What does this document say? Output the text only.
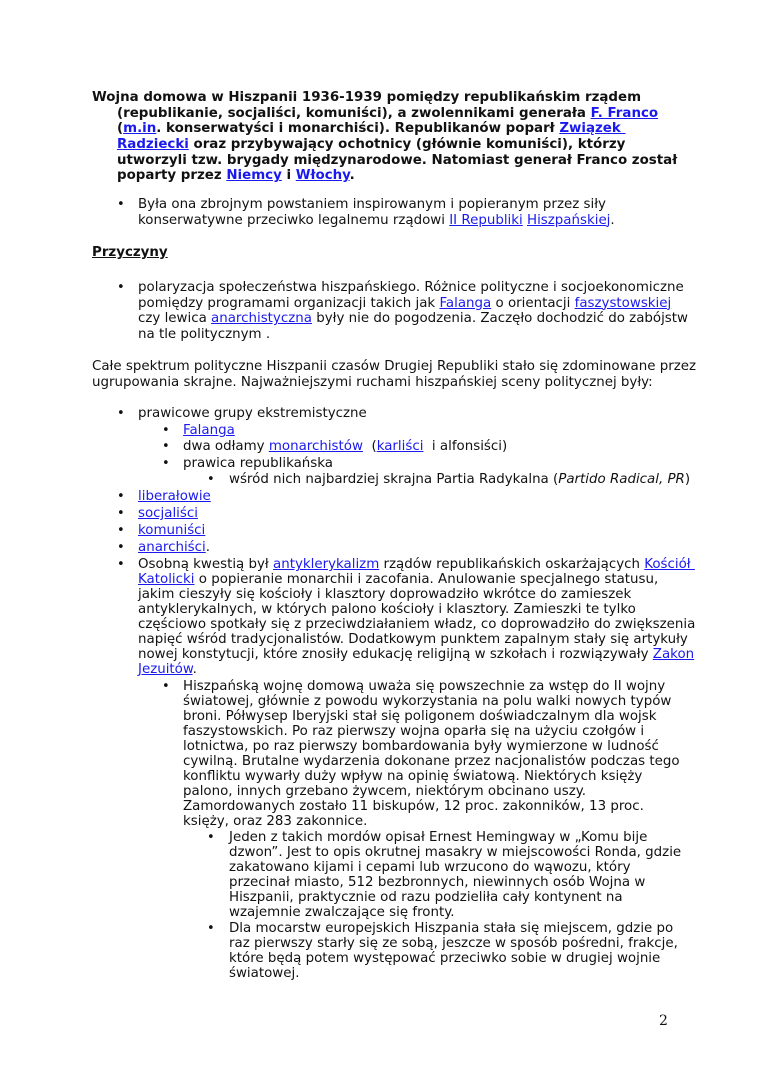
Wojna domowa w Hiszpanii 1936-1939 pomiędzy republikańskim rządem
(republikanie, socjaliści, komuniści), a zwolennikami generała F. Franco
(m.in. konserwatyści i monarchiści). Republikanów poparł Związek
Radziecki oraz przybywający ochotnicy (głównie komuniści), którzy
utworzyli tzw. brygady międzynarodowe. Natomiast generał Franco został
poparty przez Niemcy i Włochy.
• Była ona zbrojnym powstaniem inspirowanym i popieranym przez siły
konserwatywne przeciwko legalnemu rządowi II Republiki Hiszpańskiej.
Przyczyny
• polaryzacja społeczeństwa hiszpańskiego. Różnice polityczne i socjoekonomiczne
pomiędzy programami organizacji takich jak Falanga o orientacji faszystowskiej
czy lewica anarchistyczna były nie do pogodzenia. Zaczęło dochodzić do zabójstw
na tle politycznym .
Całe spektrum polityczne Hiszpanii czasów Drugiej Republiki stało się zdominowane przez
ugrupowania skrajne. Najważniejszymi ruchami hiszpańskiej sceny politycznej były:
• prawicowe grupy ekstremistyczne
• Falanga
• dwa odłamy monarchistów  (karliści  i alfonsiści)
• prawica republikańska
• wśród nich najbardziej skrajna Partia Radykalna (Partido Radical, PR)
• liberałowie
• socjaliści
• komuniści
• anarchiści.
• Osobną kwestią był antyklerykalizm rządów republikańskich oskarżających Kościół
Katolicki o popieranie monarchii i zacofania. Anulowanie specjalnego statusu,
jakim cieszyły się kościoły i klasztory doprowadziło wkrótce do zamieszek
antyklerykalnych, w których palono kościoły i klasztory. Zamieszki te tylko
częściowo spotkały się z przeciwdziałaniem władz, co doprowadziło do zwiększenia
napięć wśród tradycjonalistów. Dodatkowym punktem zapalnym stały się artykuły
nowej konstytucji, które znosiły edukację religijną w szkołach i rozwiązywały Zakon
Jezuitów.
• Hiszpańską wojnę domową uważa się powszechnie za wstęp do II wojny
światowej, głównie z powodu wykorzystania na polu walki nowych typów
broni. Półwysep Iberyjski stał się poligonem doświadczalnym dla wojsk
faszystowskich. Po raz pierwszy wojna oparła się na użyciu czołgów i
lotnictwa, po raz pierwszy bombardowania były wymierzone w ludność
cywilną. Brutalne wydarzenia dokonane przez nacjonalistów podczas tego
konfliktu wywarły duży wpływ na opinię światową. Niektórych księży
palono, innych grzebano żywcem, niektórym obcinano uszy.
Zamordowanych zostało 11 biskupów, 12 proc. zakonników, 13 proc.
księży, oraz 283 zakonnice.
• Jeden z takich mordów opisał Ernest Hemingway w „Komu bije
dzwon”. Jest to opis okrutnej masakry w miejscowości Ronda, gdzie
zakatowano kijami i cepami lub wrzucono do wąwozu, który
przecinał miasto, 512 bezbronnych, niewinnych osób Wojna w
Hiszpanii, praktycznie od razu podzieliła cały kontynent na
wzajemnie zwalczające się fronty.
• Dla mocarstw europejskich Hiszpania stała się miejscem, gdzie po
raz pierwszy starły się ze sobą, jeszcze w sposób pośredni, frakcje,
które będą potem występować przeciwko sobie w drugiej wojnie
światowej.
2
